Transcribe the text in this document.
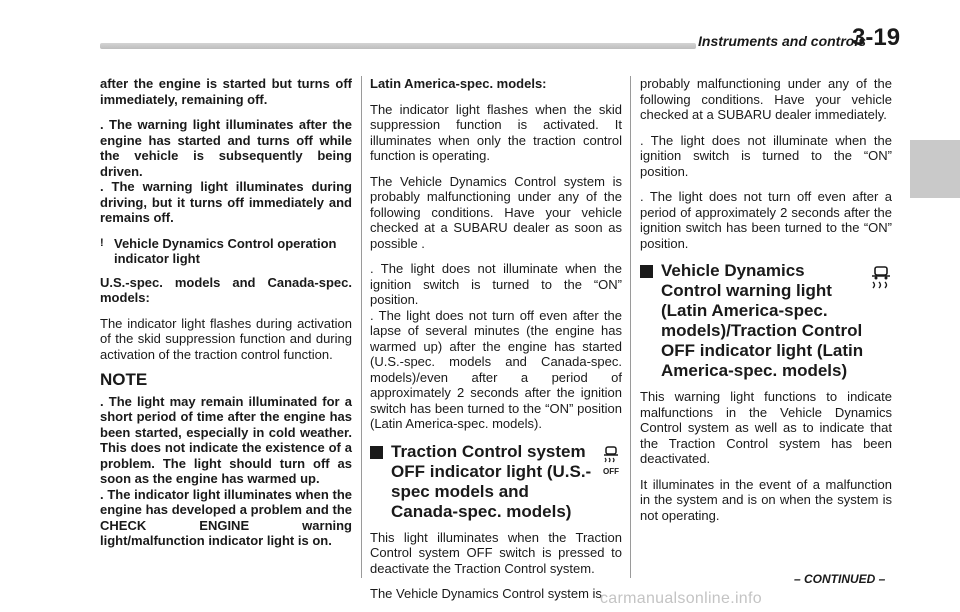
Instruments and controls
3-19

after the engine is started but turns off immediately, remaining off.

. The warning light illuminates after the engine has started and turns off while the vehicle is subsequently being driven.

. The warning light illuminates during driving, but it turns off immediately and remains off.

! Vehicle Dynamics Control operation indicator light

U.S.-spec. models and Canada-spec. models:

The indicator light flashes during activation of the skid suppression function and during activation of the traction control function.

NOTE

. The light may remain illuminated for a short period of time after the engine has been started, especially in cold weather. This does not indicate the existence of a problem. The light should turn off as soon as the engine has warmed up.

. The indicator light illuminates when the engine has developed a problem and the CHECK ENGINE warning light/malfunction indicator light is on.

Latin America-spec. models:

The indicator light flashes when the skid suppression function is activated. It illuminates when only the traction control function is operating.

The Vehicle Dynamics Control system is probably malfunctioning under any of the following conditions. Have your vehicle checked at a SUBARU dealer as soon as possible .

. The light does not illuminate when the ignition switch is turned to the “ON” position.

. The light does not turn off even after the lapse of several minutes (the engine has warmed up) after the engine has started (U.S.-spec. models and Canada-spec. models)/even after a period of approximately 2 seconds after the ignition switch has been turned to the “ON” position (Latin America-spec. models).

Traction Control system OFF indicator light (U.S.-spec models and Canada-spec. models)
OFF

This light illuminates when the Traction Control system OFF switch is pressed to deactivate the Traction Control system.

The Vehicle Dynamics Control system is

probably malfunctioning under any of the following conditions. Have your vehicle checked at a SUBARU dealer immediately.

. The light does not illuminate when the ignition switch is turned to the “ON” position.

. The light does not turn off even after a period of approximately 2 seconds after the ignition switch has been turned to the “ON” position.

Vehicle Dynamics Control warning light (Latin America-spec. models)/Traction Control OFF indicator light (Latin America-spec. models)

This warning light functions to indicate malfunctions in the Vehicle Dynamics Control system as well as to indicate that the Traction Control system has been deactivated.

It illuminates in the event of a malfunction in the system and is on when the system is not operating.

– CONTINUED –
carmanualsonline.info
